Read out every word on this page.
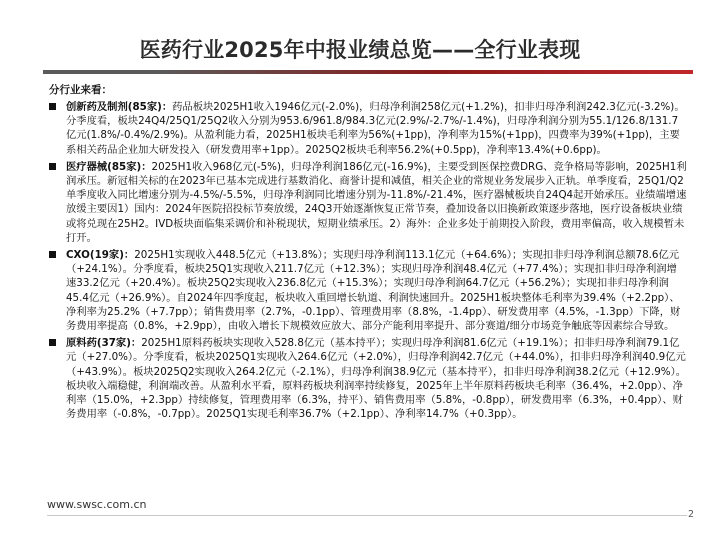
医药行业2025年中报业绩总览——全行业表现
分行业来看：
创新药及制剂(85家)：药品板块2025H1收入1946亿元(-2.0%)，归母净利润258亿元(+1.2%)，扣非归母净利润242.3亿元(-3.2%)。分季度看，板块24Q4/25Q1/25Q2收入分别为953.6/961.8/984.3亿元(2.9%/-2.7%/-1.4%)，归母净利润分别为55.1/126.8/131.7亿元(1.8%/-0.4%/2.9%)。从盈利能力看，2025H1板块毛利率为56%(+1pp)，净利率为15%(+1pp)，四费率为39%(+1pp)，主要系相关药品企业加大研发投入（研发费用率+1pp）。2025Q2板块毛利率56.2%(+0.5pp)，净利率13.4%(+0.6pp)。
医疗器械(85家)：2025H1收入968亿元(-5%)，归母净利润186亿元(-16.9%)，主要受到医保控费DRG、竞争格局等影响，2025H1利润承压。新冠相关标的在2023年已基本完成进行基数消化、商誉计提和减值，相关企业的常规业务发展步入正轨。单季度看，25Q1/Q2单季度收入同比增速分别为-4.5%/-5.5%，归母净利润同比增速分别为-11.8%/-21.4%，医疗器械板块自24Q4起开始承压。业绩端增速放缓主要因1）国内：2024年医院招投标节奏放缓，24Q3开始逐渐恢复正常节奏，叠加设备以旧换新政策逐步落地，医疗设备板块业绩或将兑现在25H2。IVD板块面临集采调价和补税现状，短期业绩承压。2）海外：企业多处于前期投入阶段，费用率偏高，收入规模暂未打开。
CXO(19家)：2025H1实现收入448.5亿元（+13.8%）；实现归母净利润113.1亿元（+64.6%）；实现扣非归母净利润总额78.6亿元（+24.1%）。分季度看，板块25Q1实现收入211.7亿元（+12.3%）；实现归母净利润48.4亿元（+77.4%）；实现扣非归母净利润增速33.2亿元（+20.4%）。板块25Q2实现收入236.8亿元（+15.3%）；实现归母净利润64.7亿元（+56.2%）；实现扣非归母净利润45.4亿元（+26.9%）。自2024年四季度起，板块收入重回增长轨道、利润快速回升。2025H1板块整体毛利率为39.4%（+2.2pp）、净利率为25.2%（+7.7pp）；销售费用率（2.7%，-0.1pp）、管理费用率（8.8%，-1.4pp）、研发费用率（4.5%，-1.3pp）下降，财务费用率提高（0.8%，+2.9pp），由收入增长下规模效应放大、部分产能利用率提升、部分赛道/细分市场竞争触底等因素综合导致。
原料药(37家)：2025H1原料药板块实现收入528.8亿元（基本持平）；实现归母净利润81.6亿元（+19.1%）；扣非归母净利润79.1亿元（+27.0%）。分季度看，板块2025Q1实现收入264.6亿元（+2.0%），归母净利润42.7亿元（+44.0%），扣非归母净利润40.9亿元（+43.9%）。板块2025Q2实现收入264.2亿元（-2.1%），归母净利润38.9亿元（基本持平），扣非归母净利润38.2亿元（+12.9%）。板块收入端稳健，利润端改善。从盈利水平看，原料药板块利润率持续修复，2025年上半年原料药板块毛利率（36.4%，+2.0pp）、净利率（15.0%，+2.3pp）持续修复，管理费用率（6.3%，持平）、销售费用率（5.8%，-0.8pp），研发费用率（6.3%，+0.4pp）、财务费用率（-0.8%，-0.7pp）。2025Q1实现毛利率36.7%（+2.1pp）、净利率14.7%（+0.3pp）。
www.swsc.com.cn
2
